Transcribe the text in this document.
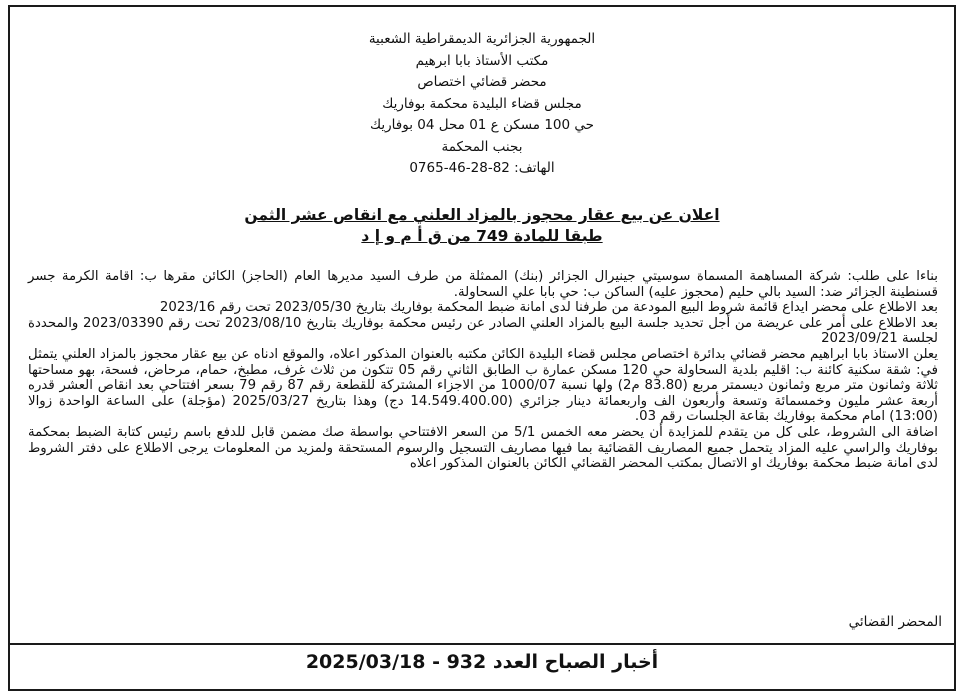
الجمهورية الجزائرية الديمقراطية الشعبية
مكتب الأستاذ بابا ابرهيم
محضر قضائي اختصاص
مجلس قضاء البليدة محكمة بوفاريك
حي 100 مسكن ع 01 محل 04 بوفاريك
بجنب المحكمة
الهاتف: 82-28-46-0765
اعلان عن بيع عقار محجوز بالمزاد العلني مع انقاص عشر الثمن
طبقا للمادة 749 من ق أ م و إ د

بناءا على طلب: شركة المساهمة المسماة سوسيتي جينيرال الجزائر (بنك) الممثلة من طرف السيد مديرها العام (الحاجز) الكائن مقرها ب: اقامة الكرمة جسر قسنطينة الجزائر ضد: السيد بالي حليم (محجوز عليه) الساكن ب: حي بابا علي السحاولة.

بعد الاطلاع على محضر ايداع قائمة شروط البيع المودعة من طرفنا لدى امانة ضبط المحكمة بوفاريك بتاريخ 2023/05/30 تحت رقم 2023/16

بعد الاطلاع على أمر على عريضة من أجل تحديد جلسة البيع بالمزاد العلني الصادر عن رئيس محكمة بوفاريك بتاريخ 2023/08/10 تحت رقم 2023/03390 والمحددة لجلسة 2023/09/21

يعلن الاستاذ بابا ابراهيم محضر قضائي بدائرة اختصاص مجلس قضاء البليدة الكائن مكتبه بالعنوان المذكور اعلاه، والموقع ادناه عن بيع عقار محجوز بالمزاد العلني يتمثل في: شقة سكنية كائنة ب: اقليم بلدية السحاولة حي 120 مسكن عمارة ب الطابق الثاني رقم 05 تتكون من ثلاث غرف، مطبخ، حمام، مرحاض، فسحة، بهو مساحتها ثلاثة وثمانون متر مربع وثمانون ديسمتر مربع (83.80 م2) ولها نسبة 1000/07 من الاجزاء المشتركة للقطعة رقم 87 رقم 79 بسعر افتتاحي بعد انقاص العشر قدره أربعة عشر مليون وخمسمائة وتسعة وأربعون الف واربعمائة دينار جزائري (14.549.400.00 دج) وهذا بتاريخ 2025/03/27 (مؤجلة) على الساعة الواحدة زوالا (13:00) امام محكمة بوفاريك بقاعة الجلسات رقم 03.

اضافة الى الشروط، على كل من يتقدم للمزايدة أن يحضر معه الخمس 5/1 من السعر الافتتاحي بواسطة صك مضمن قابل للدفع باسم رئيس كتابة الضبط بمحكمة بوفاريك والراسي عليه المزاد يتحمل جميع المصاريف القضائية بما فيها مصاريف التسجيل والرسوم المستحقة ولمزيد من المعلومات يرجى الاطلاع على دفتر الشروط لدى امانة ضبط محكمة بوفاريك او الاتصال بمكتب المحضر القضائي الكائن بالعنوان المذكور اعلاه

المحضر القضائي
أخبار الصباح العدد 932 - 2025/03/18
